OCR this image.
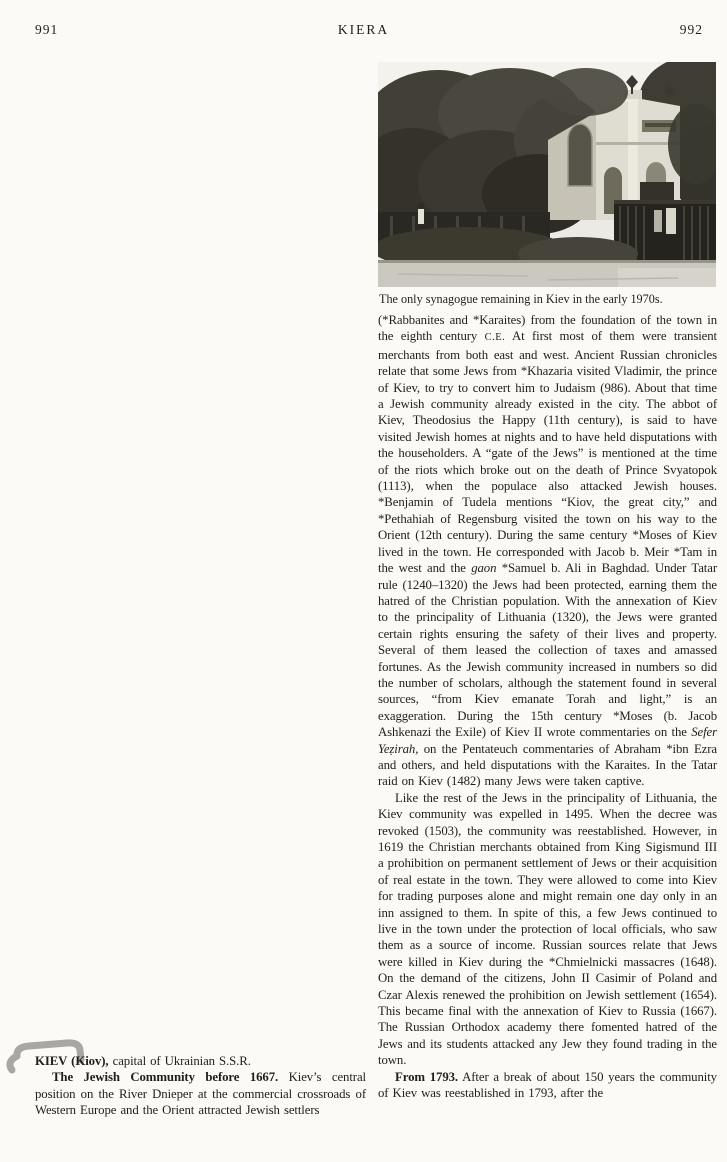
991	KIERA	992
The only synagogue remaining in Kiev in the early 1970s.

(*Rabbanites and *Karaites) from the foundation of the town in the eighth century C.E. At first most of them were transient merchants from both east and west. Ancient Russian chronicles relate that some Jews from *Khazaria visited Vladimir, the prince of Kiev, to try to convert him to Judaism (986). About that time a Jewish community already existed in the city. The abbot of Kiev, Theodosius the Happy (11th century), is said to have visited Jewish homes at nights and to have held disputations with the householders. A “gate of the Jews” is mentioned at the time of the riots which broke out on the death of Prince Svyatopok (1113), when the populace also attacked Jewish houses. *Benjamin of Tudela mentions “Kiov, the great city,” and *Pethahiah of Regensburg visited the town on his way to the Orient (12th century). During the same century *Moses of Kiev lived in the town. He corresponded with Jacob b. Meir *Tam in the west and the gaon *Samuel b. Ali in Baghdad. Under Tatar rule (1240–1320) the Jews had been protected, earning them the hatred of the Christian population. With the annexation of Kiev to the principality of Lithuania (1320), the Jews were granted certain rights ensuring the safety of their lives and property. Several of them leased the collection of taxes and amassed fortunes. As the Jewish community increased in numbers so did the number of scholars, although the statement found in several sources, “from Kiev emanate Torah and light,” is an exaggeration. During the 15th century *Moses (b. Jacob Ashkenazi the Exile) of Kiev II wrote commentaries on the Sefer Yeẓirah, on the Pentateuch commentaries of Abraham *ibn Ezra and others, and held disputations with the Karaites. In the Tatar raid on Kiev (1482) many Jews were taken captive.

Like the rest of the Jews in the principality of Lithuania, the Kiev community was expelled in 1495. When the decree was revoked (1503), the community was reestablished. However, in 1619 the Christian merchants obtained from King Sigismund III a prohibition on permanent settlement of Jews or their acquisition of real estate in the town. They were allowed to come into Kiev for trading purposes alone and might remain one day only in an inn assigned to them. In spite of this, a few Jews continued to live in the town under the protection of local officials, who saw them as a source of income. Russian sources relate that Jews were killed in Kiev during the *Chmielnicki massacres (1648). On the demand of the citizens, John II Casimir of Poland and Czar Alexis renewed the prohibition on Jewish settlement (1654). This became final with the annexation of Kiev to Russia (1667). The Russian Orthodox academy there fomented hatred of the Jews and its students attacked any Jew they found trading in the town.

From 1793. After a break of about 150 years the community of Kiev was reestablished in 1793, after the

KIEV (Kiov), capital of Ukrainian S.S.R.

The Jewish Community before 1667. Kiev’s central position on the River Dnieper at the commercial crossroads of Western Europe and the Orient attracted Jewish settlers
